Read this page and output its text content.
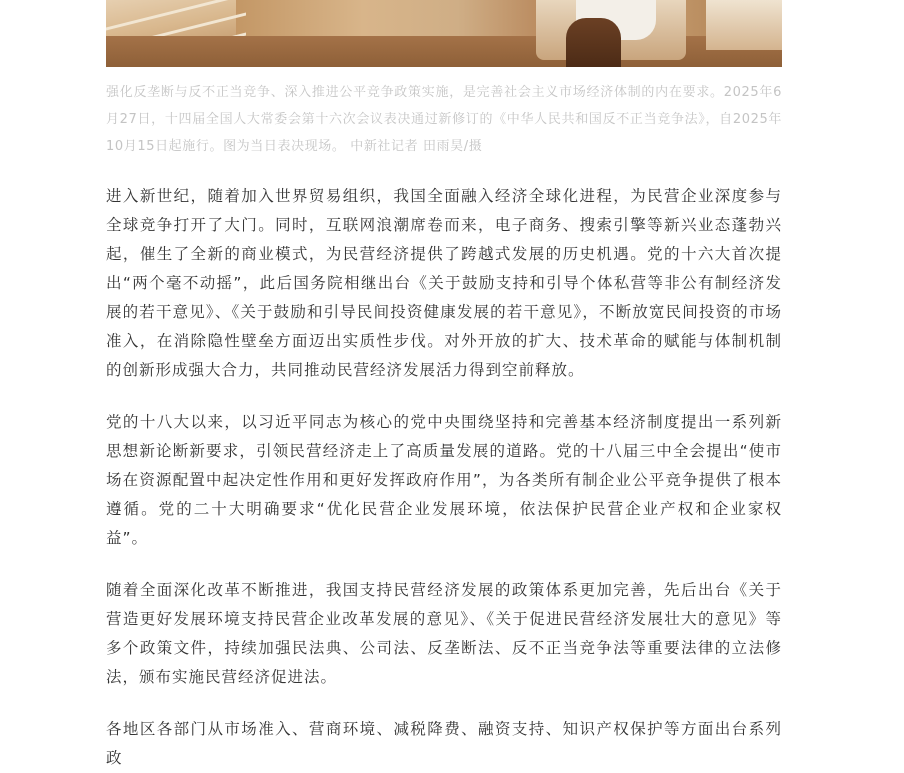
强化反垄断与反不正当竞争、深入推进公平竞争政策实施，是完善社会主义市场经济体制的内在要求。2025年6月27日，十四届全国人大常委会第十六次会议表决通过新修订的《中华人民共和国反不正当竞争法》，自2025年10月15日起施行。图为当日表决现场。 中新社记者 田雨昊/摄

进入新世纪，随着加入世界贸易组织，我国全面融入经济全球化进程，为民营企业深度参与全球竞争打开了大门。同时，互联网浪潮席卷而来，电子商务、搜索引擎等新兴业态蓬勃兴起，催生了全新的商业模式，为民营经济提供了跨越式发展的历史机遇。党的十六大首次提出“两个毫不动摇”，此后国务院相继出台《关于鼓励支持和引导个体私营等非公有制经济发展的若干意见》、《关于鼓励和引导民间投资健康发展的若干意见》，不断放宽民间投资的市场准入，在消除隐性壁垒方面迈出实质性步伐。对外开放的扩大、技术革命的赋能与体制机制的创新形成强大合力，共同推动民营经济发展活力得到空前释放。

党的十八大以来，以习近平同志为核心的党中央围绕坚持和完善基本经济制度提出一系列新思想新论断新要求，引领民营经济走上了高质量发展的道路。党的十八届三中全会提出“使市场在资源配置中起决定性作用和更好发挥政府作用”，为各类所有制企业公平竞争提供了根本遵循。党的二十大明确要求“优化民营企业发展环境，依法保护民营企业产权和企业家权益”。

随着全面深化改革不断推进，我国支持民营经济发展的政策体系更加完善，先后出台《关于营造更好发展环境支持民营企业改革发展的意见》、《关于促进民营经济发展壮大的意见》等多个政策文件，持续加强民法典、公司法、反垄断法、反不正当竞争法等重要法律的立法修法，颁布实施民营经济促进法。

各地区各部门从市场准入、营商环境、减税降费、融资支持、知识产权保护等方面出台系列政
